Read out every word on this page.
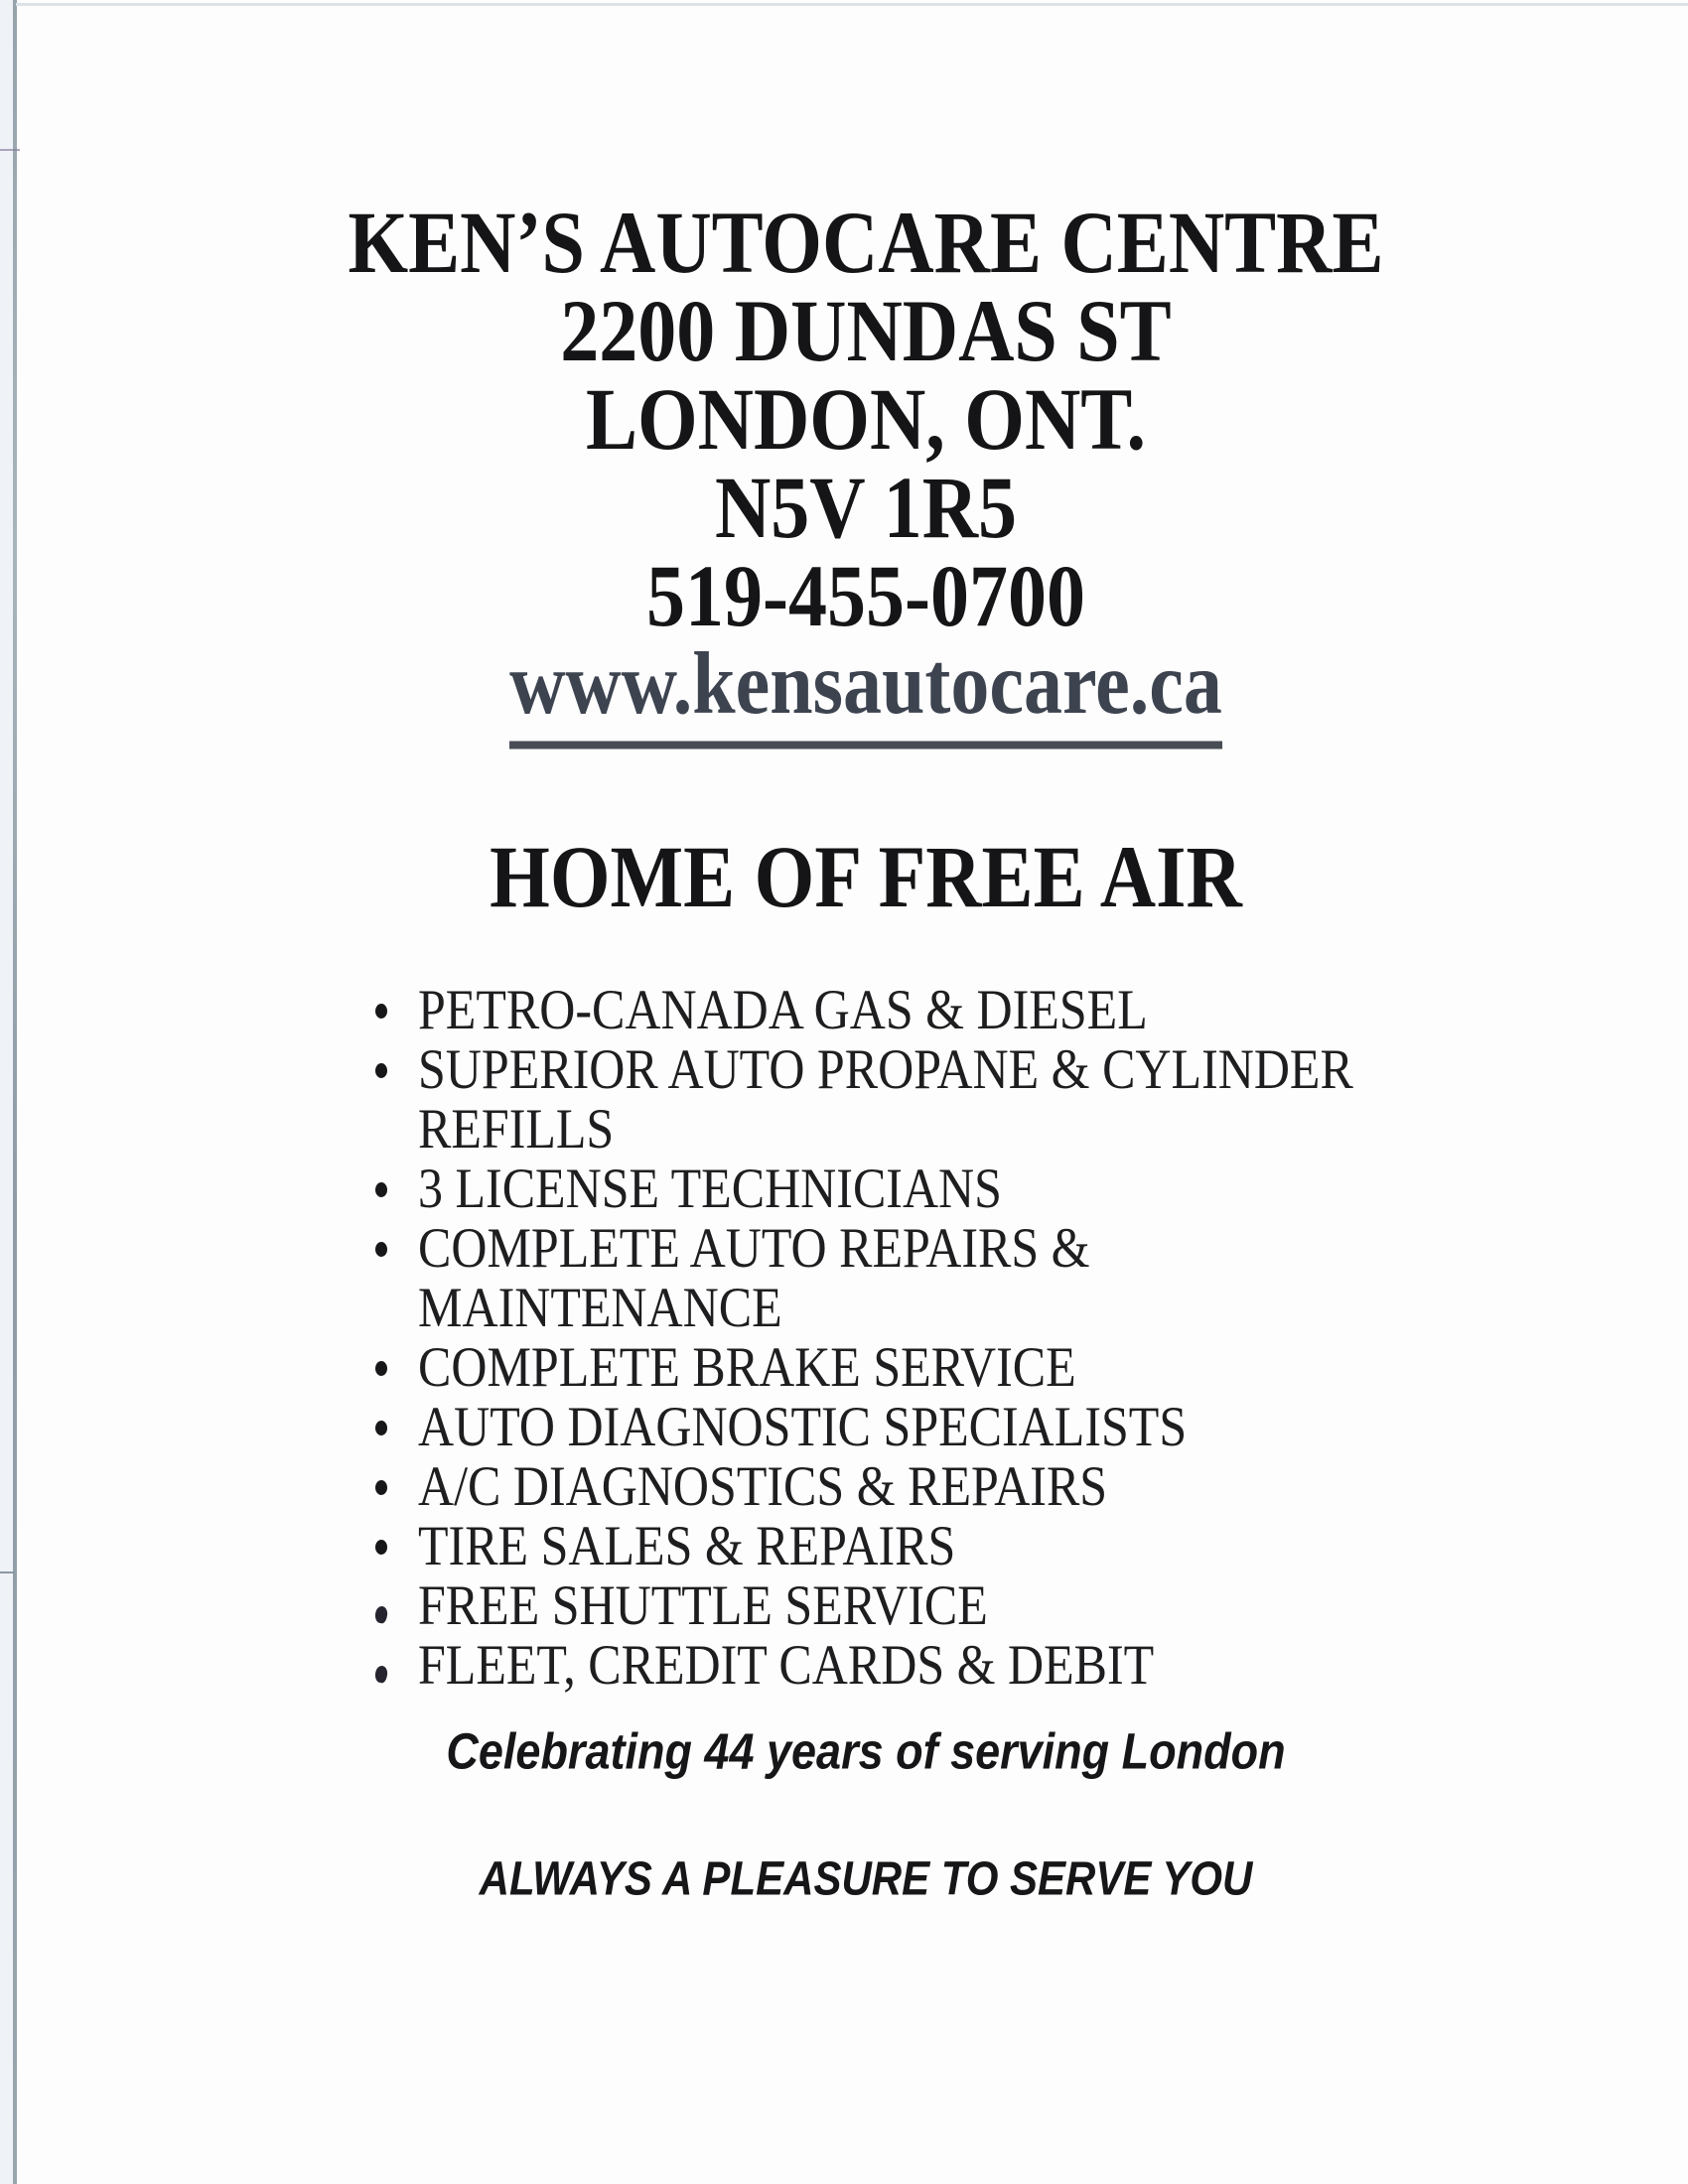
KEN’S AUTOCARE CENTRE
2200 DUNDAS ST
LONDON, ONT.
N5V 1R5
519-455-0700
www.kensautocare.ca
HOME OF FREE AIR
PETRO-CANADA GAS & DIESEL
SUPERIOR AUTO PROPANE & CYLINDER
REFILLS
3 LICENSE TECHNICIANS
COMPLETE AUTO REPAIRS &
MAINTENANCE
COMPLETE BRAKE SERVICE
AUTO DIAGNOSTIC SPECIALISTS
A/C DIAGNOSTICS & REPAIRS
TIRE SALES & REPAIRS
FREE SHUTTLE SERVICE
FLEET, CREDIT CARDS & DEBIT
Celebrating 44 years of serving London
ALWAYS A PLEASURE TO SERVE YOU
